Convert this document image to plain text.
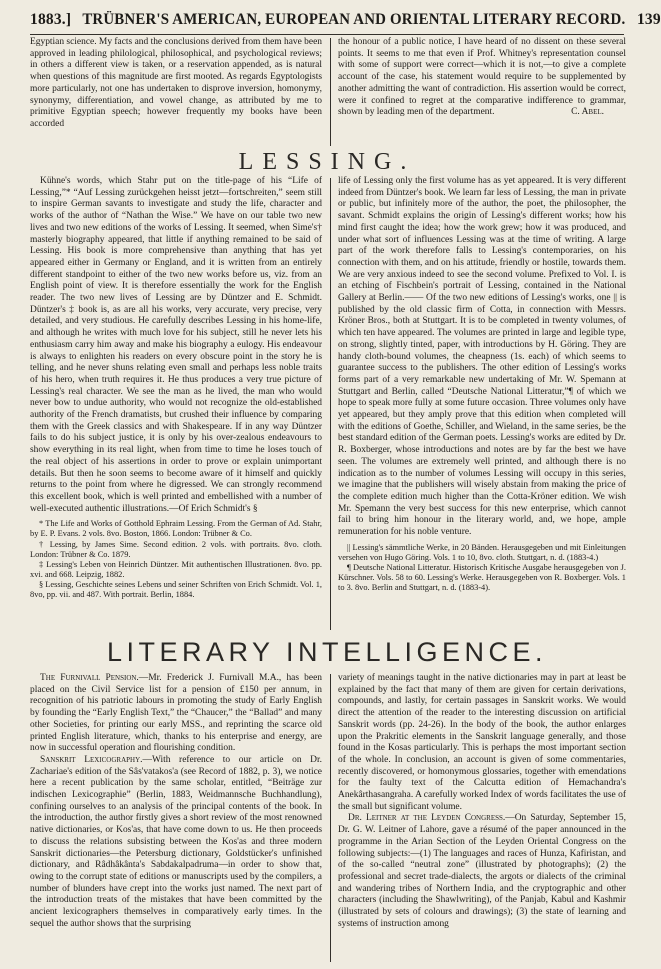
1883.] TRÜBNER'S AMERICAN, EUROPEAN AND ORIENTAL LITERARY RECORD. 139

Egyptian science. My facts and the conclusions derived from them have been approved in leading philological, philosophical, and psychological reviews; in others a different view is taken, or a reservation appended, as is natural when questions of this magnitude are first mooted. As regards Egyptologists more particularly, not one has undertaken to disprove inversion, homonymy, synonymy, differentiation, and vowel change, as attributed by me to primitive Egyptian speech; however frequently my books have been accorded

the honour of a public notice, I have heard of no dissent on these several points. It seems to me that even if Prof. Whitney's representation counsel with some of support were correct—which it is not,—to give a complete account of the case, his statement would require to be supplemented by another admitting the want of contradiction. His assertion would be correct, were it confined to regret at the comparative indifference to grammar, shown by leading men of the department.	C. Abel.

LESSING.

Kühne's words, which Stahr put on the title-page of his “Life of Lessing,”* “Auf Lessing zurückgehen heisst jetzt—fortschreiten,” seem still to inspire German savants to investigate and study the life, character and works of the author of “Nathan the Wise.” We have on our table two new lives and two new editions of the works of Lessing. It seemed, when Sime's† masterly biography appeared, that little if anything remained to be said of Lessing. His book is more comprehensive than anything that has yet appeared either in Germany or England, and it is written from an entirely different standpoint to either of the two new works before us, viz. from an English point of view. It is therefore essentially the work for the English reader. The two new lives of Lessing are by Düntzer and E. Schmidt. Düntzer's ‡ book is, as are all his works, very accurate, very precise, very detailed, and very studious. He carefully describes Lessing in his home-life, and although he writes with much love for his subject, still he never lets his enthusiasm carry him away and make his biography a eulogy. His endeavour is always to enlighten his readers on every obscure point in the story he is telling, and he never shuns relating even small and perhaps less noble traits of his hero, when truth requires it. He thus produces a very true picture of Lessing's real character. We see the man as he lived, the man who would never bow to undue authority, who would not recognize the old-established authority of the French dramatists, but crushed their influence by comparing them with the Greek classics and with Shakespeare. If in any way Düntzer fails to do his subject justice, it is only by his over-zealous endeavours to show everything in its real light, when from time to time he loses touch of the real object of his assertions in order to prove or explain unimportant details. But then he soon seems to become aware of it himself and quickly returns to the point from where he digressed. We can strongly recommend this excellent book, which is well printed and embellished with a number of well-executed authentic illustrations.—Of Erich Schmidt's §

* The Life and Works of Gotthold Ephraim Lessing. From the German of Ad. Stahr, by E. P. Evans. 2 vols. 8vo. Boston, 1866. London: Trübner & Co.

† Lessing, by James Sime. Second edition. 2 vols. with portraits. 8vo. cloth. London: Trübner & Co. 1879.

‡ Lessing's Leben von Heinrich Düntzer. Mit authentischen Illustrationen. 8vo. pp. xvi. and 668. Leipzig, 1882.

§ Lessing, Geschichte seines Lebens und seiner Schriften von Erich Schmidt. Vol. 1, 8vo, pp. vii. and 487. With portrait. Berlin, 1884.

life of Lessing only the first volume has as yet appeared. It is very different indeed from Düntzer's book. We learn far less of Lessing, the man in private or public, but infinitely more of the author, the poet, the philosopher, the savant. Schmidt explains the origin of Lessing's different works; how his mind first caught the idea; how the work grew; how it was produced, and under what sort of influences Lessing was at the time of writing. A large part of the work therefore falls to Lessing's contemporaries, on his connection with them, and on his attitude, friendly or hostile, towards them. We are very anxious indeed to see the second volume. Prefixed to Vol. I. is an etching of Fischbein's portrait of Lessing, contained in the National Gallery at Berlin.—— Of the two new editions of Lessing's works, one || is published by the old classic firm of Cotta, in connection with Messrs. Kröner Bros., both at Stuttgart. It is to be completed in twenty volumes, of which ten have appeared. The volumes are printed in large and legible type, on strong, slightly tinted, paper, with introductions by H. Göring. They are handy cloth-bound volumes, the cheapness (1s. each) of which seems to guarantee success to the publishers. The other edition of Lessing's works forms part of a very remarkable new undertaking of Mr. W. Spemann at Stuttgart and Berlin, called “Deutsche National Litteratur,”¶ of which we hope to speak more fully at some future occasion. Three volumes only have yet appeared, but they amply prove that this edition when completed will with the editions of Goethe, Schiller, and Wieland, in the same series, be the best standard edition of the German poets. Lessing's works are edited by Dr. R. Boxberger, whose introductions and notes are by far the best we have seen. The volumes are extremely well printed, and although there is no indication as to the number of volumes Lessing will occupy in this series, we imagine that the publishers will wisely abstain from making the price of the complete edition much higher than the Cotta-Kröner edition. We wish Mr. Spemann the very best success for this new enterprise, which cannot fail to bring him honour in the literary world, and, we hope, ample remuneration for his noble venture.

|| Lessing's sämmtliche Werke, in 20 Bänden. Herausgegeben und mit Einleitungen versehen von Hugo Göring. Vols. 1 to 10, 8vo. cloth. Stuttgart, n. d. (1883-4.)

¶ Deutsche National Litteratur. Historisch Kritische Ausgabe herausgegeben von J. Kürschner. Vols. 58 to 60. Lessing's Werke. Herausgegeben von R. Boxberger. Vols. 1 to 3. 8vo. Berlin and Stuttgart, n. d. (1883-4).

LITERARY INTELLIGENCE.

The Furnivall Pension.—Mr. Frederick J. Furnivall M.A., has been placed on the Civil Service list for a pension of £150 per annum, in recognition of his patriotic labours in promoting the study of Early English by founding the “Early English Text,” the “Chaucer,” the “Ballad” and many other Societies, for printing our early MSS., and reprinting the scarce old printed English literature, which, thanks to his enterprise and energy, are now in successful operation and flourishing condition.

Sanskrit Lexicography.—With reference to our article on Dr. Zachariae's edition of the Sâs'vatakos'a (see Record of 1882, p. 3), we notice here a recent publication by the same scholar, entitled, “Beiträge zur indischen Lexicographie” (Berlin, 1883, Weidmannsche Buchhandlung), confining ourselves to an analysis of the principal contents of the book. In the introduction, the author firstly gives a short review of the most renowned native dictionaries, or Kos'as, that have come down to us. He then proceeds to discuss the relations subsisting between the Kos'as and three modern Sanskrit dictionaries—the Petersburg dictionary, Goldstücker's unfinished dictionary, and Râdhâkânta's Sabdakalpadruma—in order to show that, owing to the corrupt state of editions or manuscripts used by the compilers, a number of blunders have crept into the works just named. The next part of the introduction treats of the mistakes that have been committed by the ancient lexicographers themselves in comparatively early times. In the sequel the author shows that the surprising

variety of meanings taught in the native dictionaries may in part at least be explained by the fact that many of them are given for certain derivations, compounds, and lastly, for certain passages in Sanskrit works. We would direct the attention of the reader to the interesting discussion on artificial Sanskrit words (pp. 24-26). In the body of the book, the author enlarges upon the Prakritic elements in the Sanskrit language generally, and those found in the Kosas particularly. This is perhaps the most important section of the whole. In conclusion, an account is given of some commentaries, recently discovered, or homonymous glossaries, together with emendations for the faulty text of the Calcutta edition of Hemachandra's Anekârthasangraha. A carefully worked Index of words facilitates the use of the small but significant volume.

Dr. Leitner at the Leyden Congress.—On Saturday, September 15, Dr. G. W. Leitner of Lahore, gave a résumé of the paper announced in the programme in the Arian Section of the Leyden Oriental Congress on the following subjects:—(1) The languages and races of Hunza, Kafiristan, and of the so-called “neutral zone” (illustrated by photographs); (2) the professional and secret trade-dialects, the argots or dialects of the criminal and wandering tribes of Northern India, and the cryptographic and other characters (including the Shawlwriting), of the Panjab, Kabul and Kashmir (illustrated by sets of colours and drawings); (3) the state of learning and systems of instruction among
